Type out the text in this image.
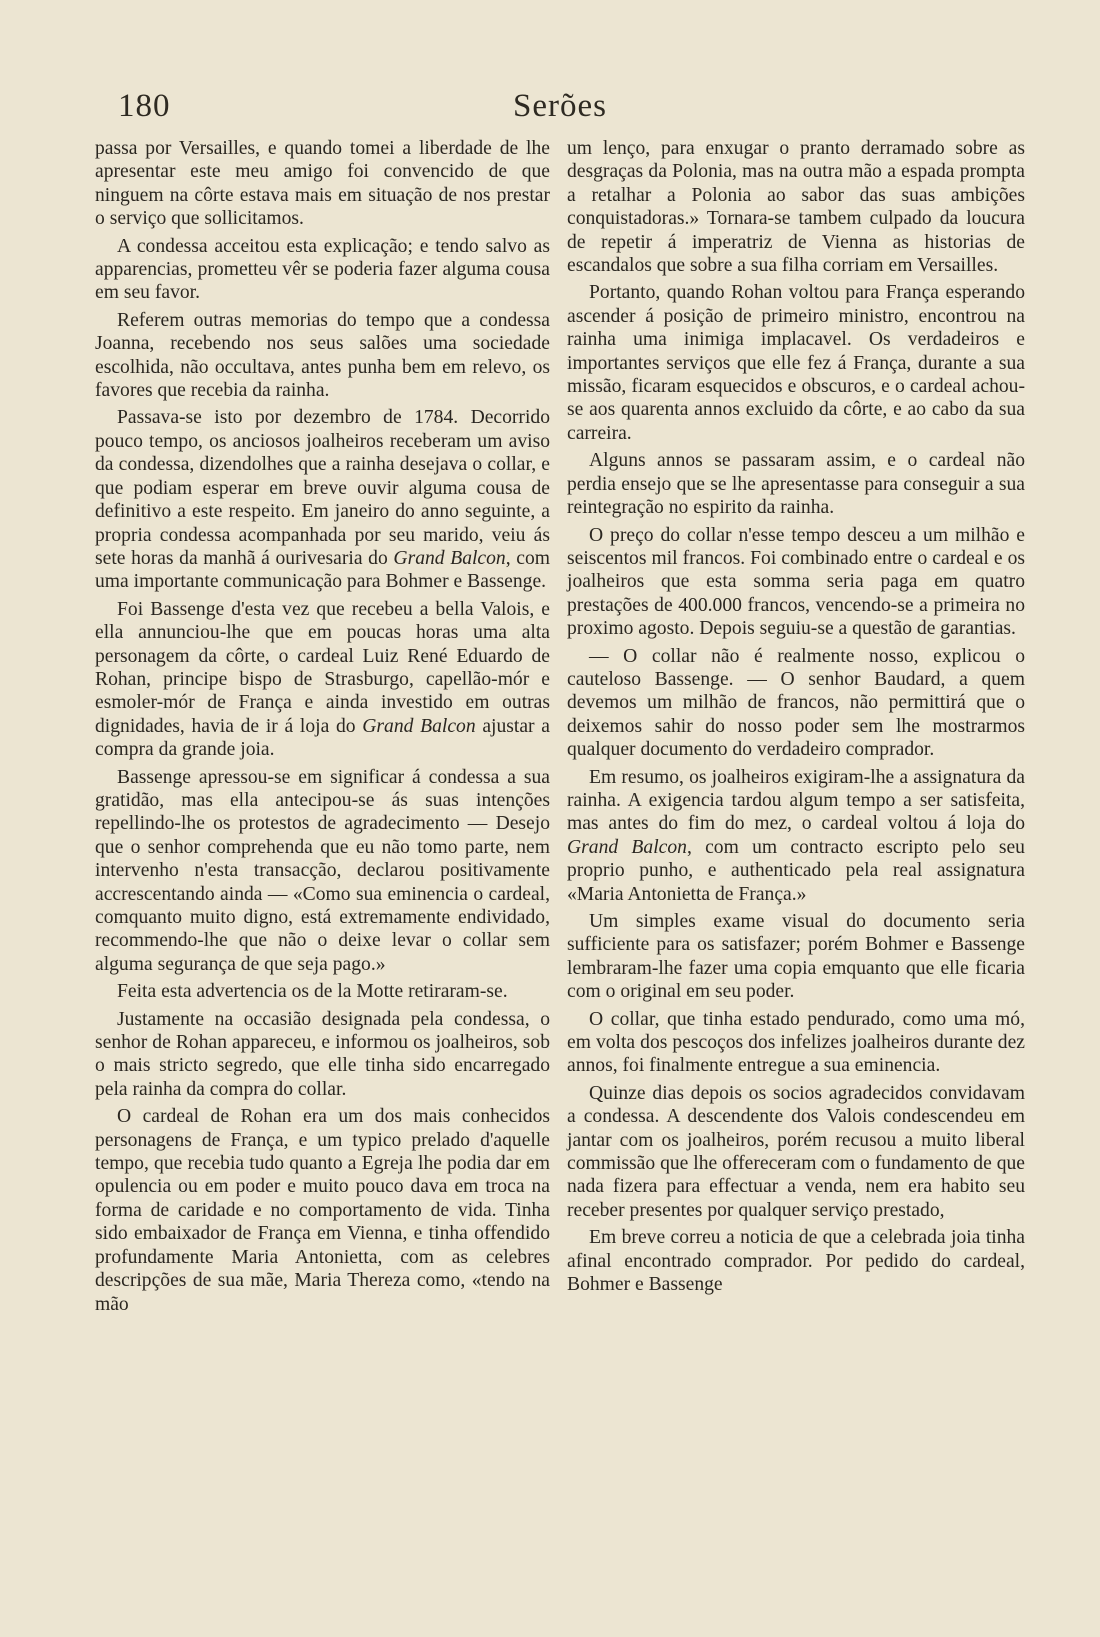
180	Serões

passa por Versailles, e quando tomei a liberdade de lhe apresentar este meu amigo foi convencido de que ninguem na côrte estava mais em situação de nos prestar o serviço que sollicitamos.

A condessa acceitou esta explicação; e tendo salvo as apparencias, prometteu vêr se poderia fazer alguma cousa em seu favor.

Referem outras memorias do tempo que a condessa Joanna, recebendo nos seus salões uma sociedade escolhida, não occultava, antes punha bem em relevo, os favores que recebia da rainha.

Passava-se isto por dezembro de 1784. Decorrido pouco tempo, os anciosos joalheiros receberam um aviso da condessa, dizendolhes que a rainha desejava o collar, e que podiam esperar em breve ouvir alguma cousa de definitivo a este respeito. Em janeiro do anno seguinte, a propria condessa acompanhada por seu marido, veiu ás sete horas da manhã á ourivesaria do Grand Balcon, com uma importante communicação para Bohmer e Bassenge.

Foi Bassenge d'esta vez que recebeu a bella Valois, e ella annunciou-lhe que em poucas horas uma alta personagem da côrte, o cardeal Luiz René Eduardo de Rohan, principe bispo de Strasburgo, capellão-mór e esmoler-mór de França e ainda investido em outras dignidades, havia de ir á loja do Grand Balcon ajustar a compra da grande joia.

Bassenge apressou-se em significar á condessa a sua gratidão, mas ella antecipou-se ás suas intenções repellindo-lhe os protestos de agradecimento — Desejo que o senhor comprehenda que eu não tomo parte, nem intervenho n'esta transacção, declarou positivamente accrescentando ainda — «Como sua eminencia o cardeal, comquanto muito digno, está extremamente endividado, recommendo-lhe que não o deixe levar o collar sem alguma segurança de que seja pago.»

Feita esta advertencia os de la Motte retiraram-se.

Justamente na occasião designada pela condessa, o senhor de Rohan appareceu, e informou os joalheiros, sob o mais stricto segredo, que elle tinha sido encarregado pela rainha da compra do collar.

O cardeal de Rohan era um dos mais conhecidos personagens de França, e um typico prelado d'aquelle tempo, que recebia tudo quanto a Egreja lhe podia dar em opulencia ou em poder e muito pouco dava em troca na forma de caridade e no comportamento de vida. Tinha sido embaixador de França em Vienna, e tinha offendido profundamente Maria Antonietta, com as celebres descripções de sua mãe, Maria Thereza como, «tendo na mão

um lenço, para enxugar o pranto derramado sobre as desgraças da Polonia, mas na outra mão a espada prompta a retalhar a Polonia ao sabor das suas ambições conquistadoras.» Tornara-se tambem culpado da loucura de repetir á imperatriz de Vienna as historias de escandalos que sobre a sua filha corriam em Versailles.

Portanto, quando Rohan voltou para França esperando ascender á posição de primeiro ministro, encontrou na rainha uma inimiga implacavel. Os verdadeiros e importantes serviços que elle fez á França, durante a sua missão, ficaram esquecidos e obscuros, e o cardeal achou-se aos quarenta annos excluido da côrte, e ao cabo da sua carreira.

Alguns annos se passaram assim, e o cardeal não perdia ensejo que se lhe apresentasse para conseguir a sua reintegração no espirito da rainha.

O preço do collar n'esse tempo desceu a um milhão e seiscentos mil francos. Foi combinado entre o cardeal e os joalheiros que esta somma seria paga em quatro prestações de 400.000 francos, vencendo-se a primeira no proximo agosto. Depois seguiu-se a questão de garantias.

— O collar não é realmente nosso, explicou o cauteloso Bassenge. — O senhor Baudard, a quem devemos um milhão de francos, não permittirá que o deixemos sahir do nosso poder sem lhe mostrarmos qualquer documento do verdadeiro comprador.

Em resumo, os joalheiros exigiram-lhe a assignatura da rainha. A exigencia tardou algum tempo a ser satisfeita, mas antes do fim do mez, o cardeal voltou á loja do Grand Balcon, com um contracto escripto pelo seu proprio punho, e authenticado pela real assignatura «Maria Antonietta de França.»

Um simples exame visual do documento seria sufficiente para os satisfazer; porém Bohmer e Bassenge lembraram-lhe fazer uma copia emquanto que elle ficaria com o original em seu poder.

O collar, que tinha estado pendurado, como uma mó, em volta dos pescoços dos infelizes joalheiros durante dez annos, foi finalmente entregue a sua eminencia.

Quinze dias depois os socios agradecidos convidavam a condessa. A descendente dos Valois condescendeu em jantar com os joalheiros, porém recusou a muito liberal commissão que lhe offereceram com o fundamento de que nada fizera para effectuar a venda, nem era habito seu receber presentes por qualquer serviço prestado,

Em breve correu a noticia de que a celebrada joia tinha afinal encontrado comprador. Por pedido do cardeal, Bohmer e Bassenge
